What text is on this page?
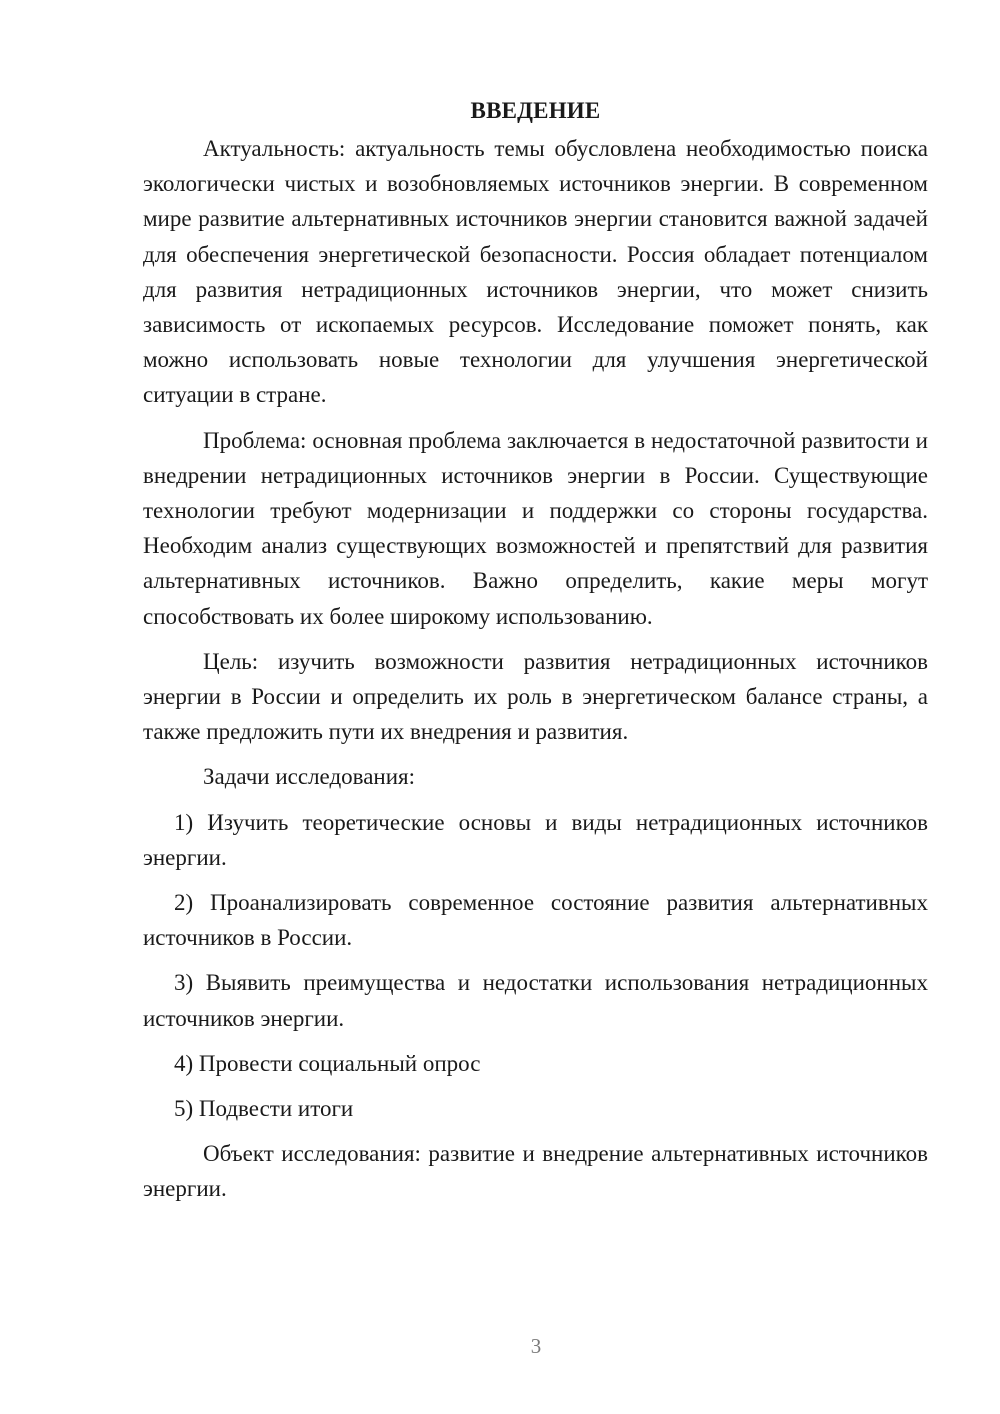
ВВЕДЕНИЕ

Актуальность: актуальность темы обусловлена необходимостью поиска экологически чистых и возобновляемых источников энергии. В современном мире развитие альтернативных источников энергии становится важной задачей для обеспечения энергетической безопасности. Россия обладает потенциалом для развития нетрадиционных источников энергии, что может снизить зависимость от ископаемых ресурсов. Исследование поможет понять, как можно использовать новые технологии для улучшения энергетической ситуации в стране.

Проблема: основная проблема заключается в недостаточной развитости и внедрении нетрадиционных источников энергии в России. Существующие технологии требуют модернизации и поддержки со стороны государства. Необходим анализ существующих возможностей и препятствий для развития альтернативных источников. Важно определить, какие меры могут способствовать их более широкому использованию.

Цель: изучить возможности развития нетрадиционных источников энергии в России и определить их роль в энергетическом балансе страны, а также предложить пути их внедрения и развития.

Задачи исследования:

1) Изучить теоретические основы и виды нетрадиционных источников энергии.

2) Проанализировать современное состояние развития альтернативных источников в России.

3) Выявить преимущества и недостатки использования нетрадиционных источников энергии.

4) Провести социальный опрос

5) Подвести итоги

Объект исследования: развитие и внедрение альтернативных источников энергии.

3
